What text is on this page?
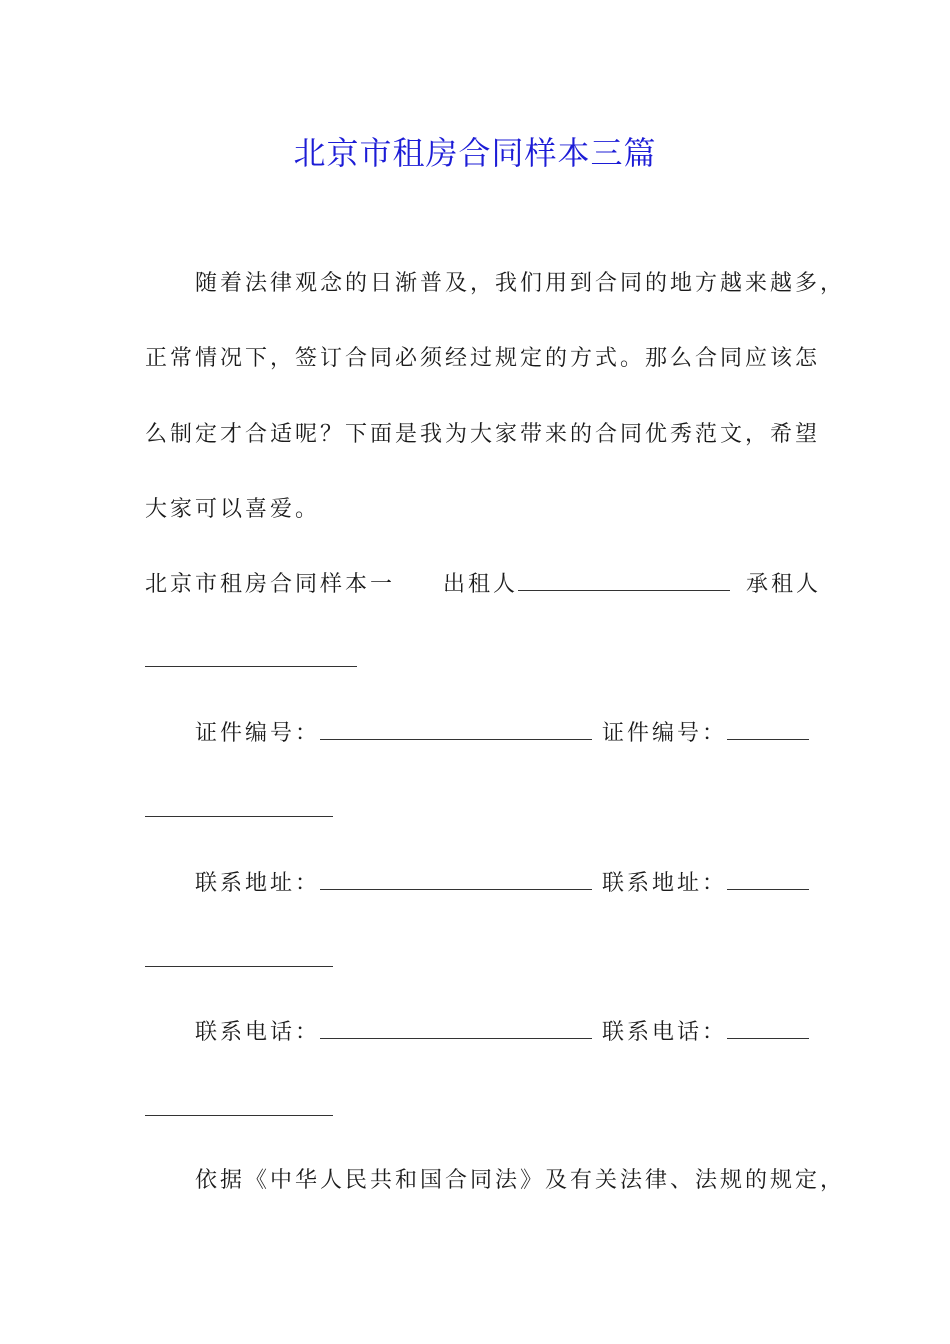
北京市租房合同样本三篇
随着法律观念的日渐普及，我们用到合同的地方越来越多，
正常情况下，签订合同必须经过规定的方式。那么合同应该怎
么制定才合适呢？下面是我为大家带来的合同优秀范文，希望
大家可以喜爱。
北京市租房合同样本一 出租人	承租人
证件编号：	证件编号：
联系地址：	联系地址：
联系电话：	联系电话：
依据《中华人民共和国合同法》及有关法律、法规的规定，
